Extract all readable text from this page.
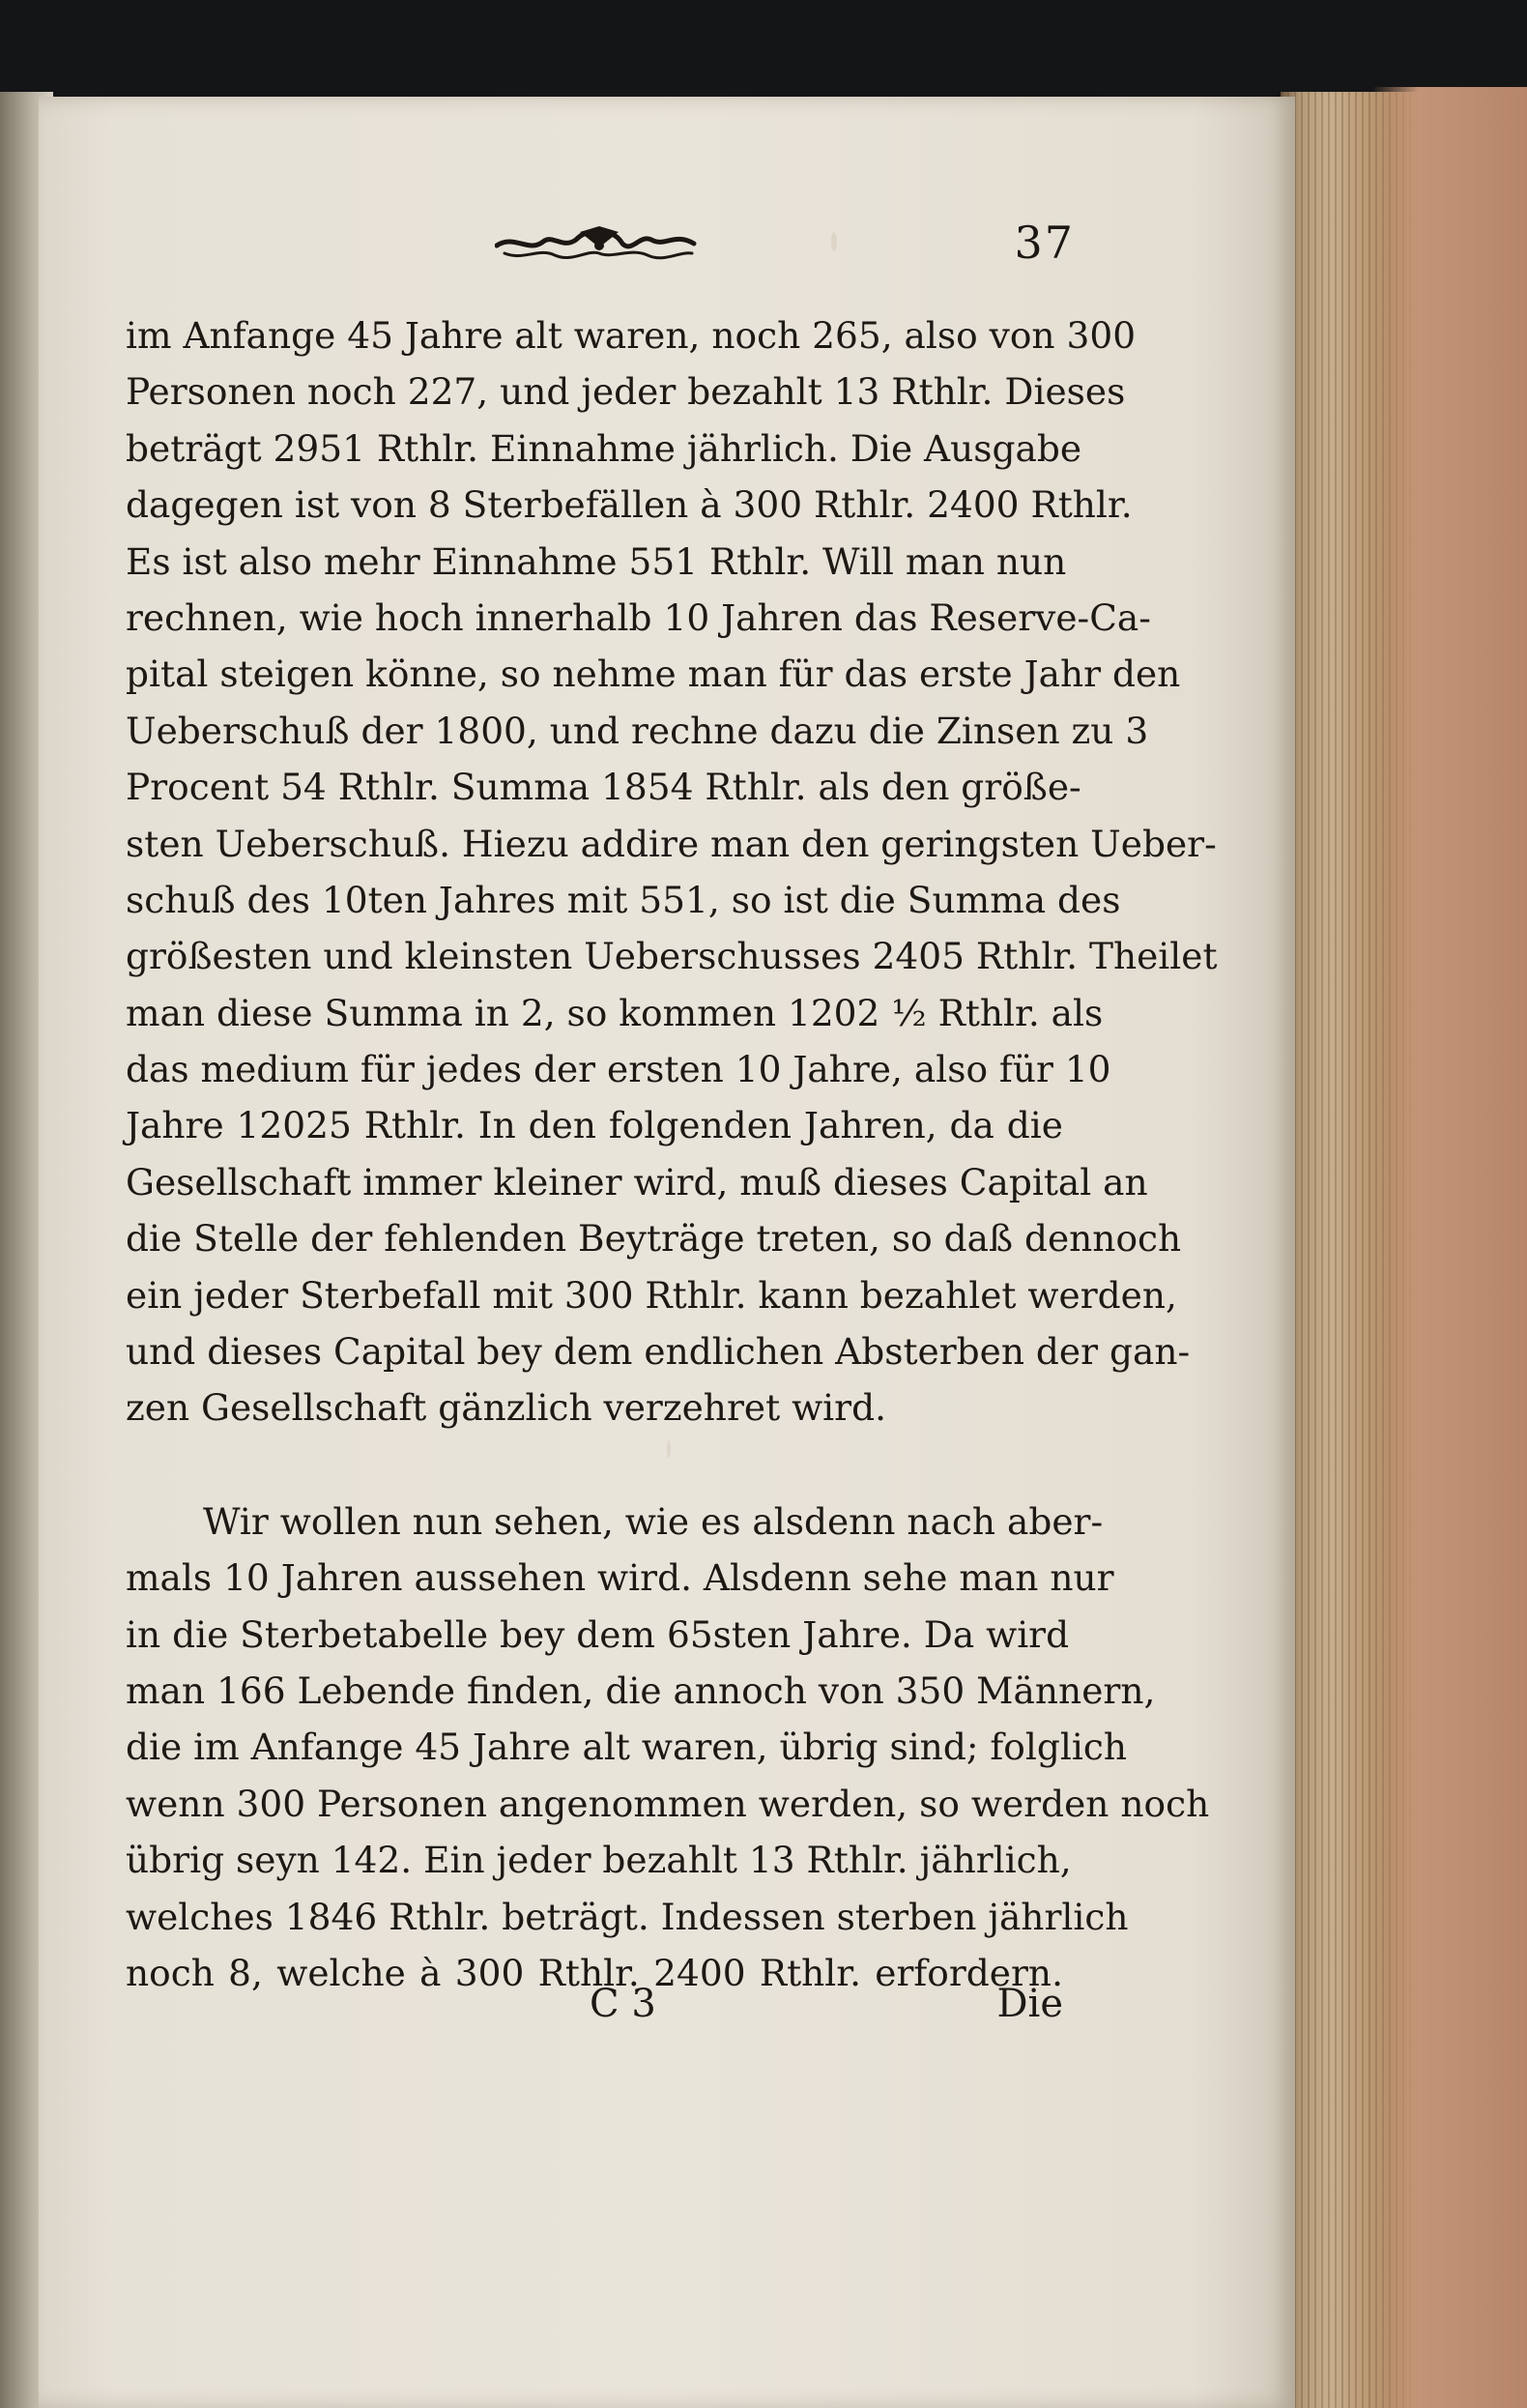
37
im Anfange 45 Jahre alt waren, noch 265, also von 300
Personen noch 227, und jeder bezahlt 13 Rthlr. Dieses
beträgt 2951 Rthlr. Einnahme jährlich. Die Ausgabe
dagegen ist von 8 Sterbefällen à 300 Rthlr. 2400 Rthlr.
Es ist also mehr Einnahme 551 Rthlr. Will man nun
rechnen, wie hoch innerhalb 10 Jahren das Reserve-Ca-
pital steigen könne, so nehme man für das erste Jahr den
Ueberschuß der 1800, und rechne dazu die Zinsen zu 3
Procent 54 Rthlr. Summa 1854 Rthlr. als den größe-
sten Ueberschuß. Hiezu addire man den geringsten Ueber-
schuß des 10ten Jahres mit 551, so ist die Summa des
größesten und kleinsten Ueberschusses 2405 Rthlr. Theilet
man diese Summa in 2, so kommen 1202 ½ Rthlr. als
das medium für jedes der ersten 10 Jahre, also für 10
Jahre 12025 Rthlr. In den folgenden Jahren, da die
Gesellschaft immer kleiner wird, muß dieses Capital an
die Stelle der fehlenden Beyträge treten, so daß dennoch
ein jeder Sterbefall mit 300 Rthlr. kann bezahlet werden,
und dieses Capital bey dem endlichen Absterben der gan-
zen Gesellschaft gänzlich verzehret wird.
Wir wollen nun sehen, wie es alsdenn nach aber-
mals 10 Jahren aussehen wird. Alsdenn sehe man nur
in die Sterbetabelle bey dem 65sten Jahre. Da wird
man 166 Lebende finden, die annoch von 350 Männern,
die im Anfange 45 Jahre alt waren, übrig sind; folglich
wenn 300 Personen angenommen werden, so werden noch
übrig seyn 142. Ein jeder bezahlt 13 Rthlr. jährlich,
welches 1846 Rthlr. beträgt. Indessen sterben jährlich
noch 8, welche à 300 Rthlr. 2400 Rthlr. erfordern.
C 3	Die
